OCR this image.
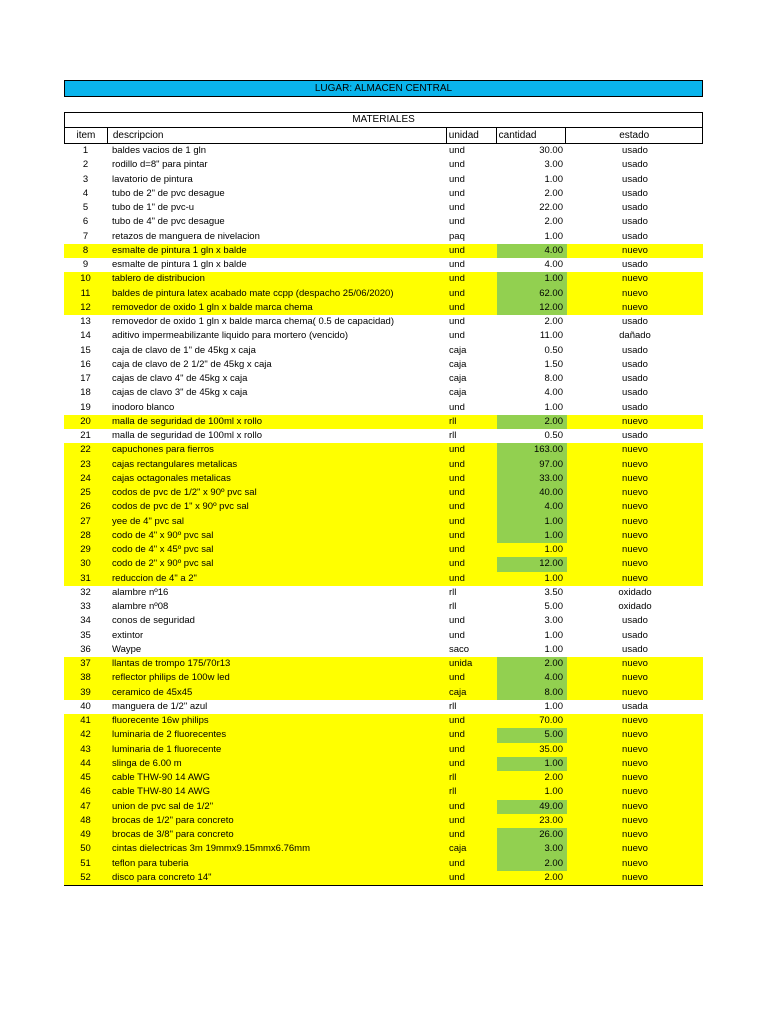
LUGAR: ALMACEN CENTRAL
MATERIALES
item	descripcion	unidad	cantidad	estado
1	baldes vacios de 1 gln	und	30.00	usado
2	rodillo d=8" para pintar	und	3.00	usado
3	lavatorio de pintura	und	1.00	usado
4	tubo de 2" de pvc desague	und	2.00	usado
5	tubo de 1" de pvc-u	und	22.00	usado
6	tubo de 4" de pvc desague	und	2.00	usado
7	retazos de manguera de nivelacion	paq	1.00	usado
8	esmalte de pintura 1 gln x balde	und	4.00	nuevo
9	esmalte de pintura 1 gln x balde	und	4.00	usado
10	tablero de distribucion	und	1.00	nuevo
11	baldes de pintura latex acabado mate ccpp (despacho 25/06/2020)	und	62.00	nuevo
12	removedor de oxido 1 gln x balde marca chema	und	12.00	nuevo
13	removedor de oxido 1 gln x balde marca chema( 0.5 de capacidad)	und	2.00	usado
14	aditivo impermeabilizante liquido para mortero (vencido)	und	11.00	dañado
15	caja de clavo de 1" de 45kg x caja	caja	0.50	usado
16	caja de clavo de 2 1/2" de 45kg x caja	caja	1.50	usado
17	cajas de clavo 4" de 45kg x caja	caja	8.00	usado
18	cajas de clavo 3" de 45kg x caja	caja	4.00	usado
19	inodoro blanco	und	1.00	usado
20	malla de seguridad de 100ml x rollo	rll	2.00	nuevo
21	malla de seguridad de 100ml x rollo	rll	0.50	usado
22	capuchones para fierros	und	163.00	nuevo
23	cajas rectangulares metalicas	und	97.00	nuevo
24	cajas octagonales metalicas	und	33.00	nuevo
25	codos de pvc de 1/2" x 90º pvc sal	und	40.00	nuevo
26	codos de pvc de 1" x 90º pvc sal	und	4.00	nuevo
27	yee de 4" pvc sal	und	1.00	nuevo
28	codo de 4" x 90º pvc sal	und	1.00	nuevo
29	codo de 4" x 45º pvc sal	und	1.00	nuevo
30	codo de 2" x 90º pvc sal	und	12.00	nuevo
31	reduccion de 4" a 2"	und	1.00	nuevo
32	alambre nº16	rll	3.50	oxidado
33	alambre nº08	rll	5.00	oxidado
34	conos de seguridad	und	3.00	usado
35	extintor	und	1.00	usado
36	Waype	saco	1.00	usado
37	llantas de trompo 175/70r13	unida	2.00	nuevo
38	reflector philips de 100w led	und	4.00	nuevo
39	ceramico de 45x45	caja	8.00	nuevo
40	manguera de 1/2" azul	rll	1.00	usada
41	fluorecente 16w philips	und	70.00	nuevo
42	luminaria de 2 fluorecentes	und	5.00	nuevo
43	luminaria de 1 fluorecente	und	35.00	nuevo
44	slinga de 6.00 m	und	1.00	nuevo
45	cable THW-90 14 AWG	rll	2.00	nuevo
46	cable THW-80 14 AWG	rll	1.00	nuevo
47	union de pvc sal de 1/2"	und	49.00	nuevo
48	brocas de 1/2" para concreto	und	23.00	nuevo
49	brocas de 3/8" para concreto	und	26.00	nuevo
50	cintas dielectricas 3m 19mmx9.15mmx6.76mm	caja	3.00	nuevo
51	teflon para tuberia	und	2.00	nuevo
52	disco para concreto 14"	und	2.00	nuevo
